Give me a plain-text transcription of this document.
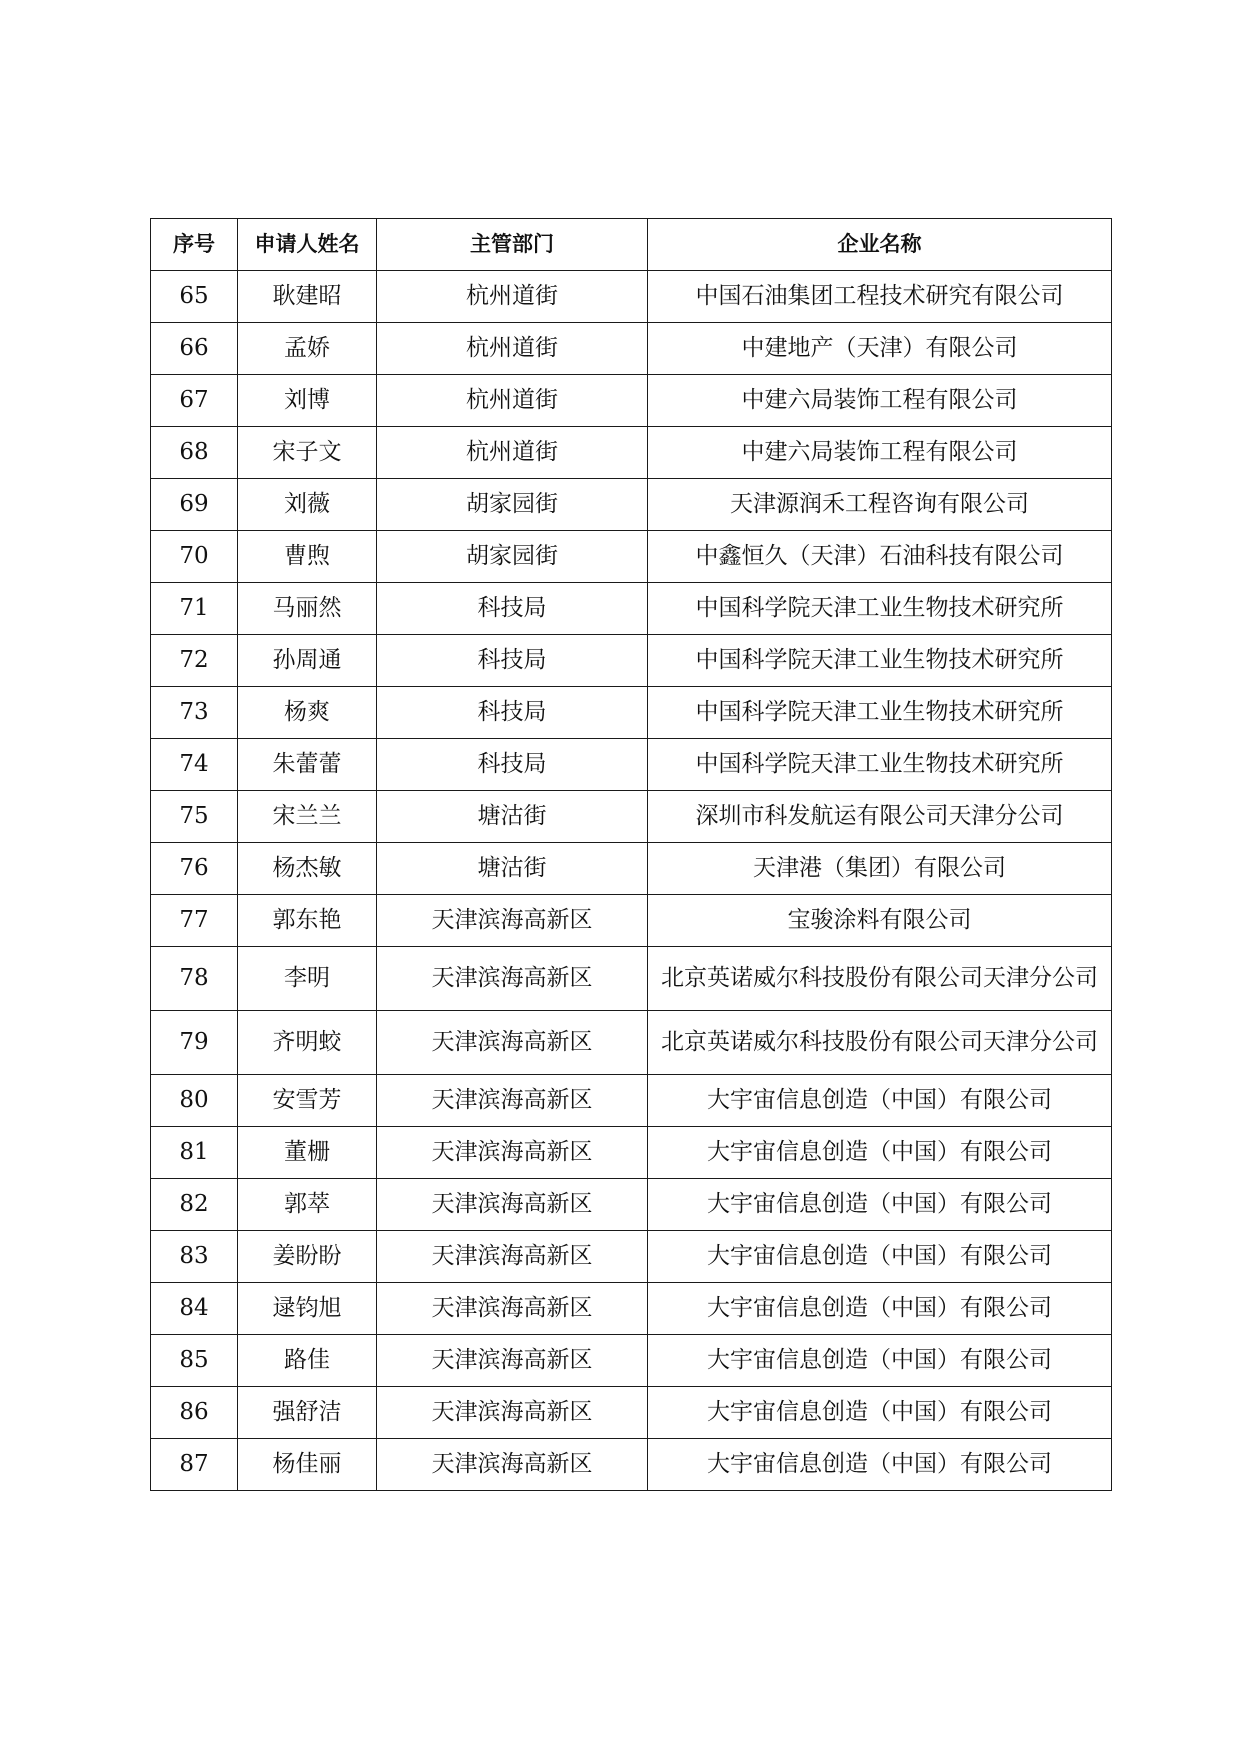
序号	申请人姓名	主管部门	企业名称
65	耿建昭	杭州道街	中国石油集团工程技术研究有限公司
66	孟娇	杭州道街	中建地产（天津）有限公司
67	刘博	杭州道街	中建六局装饰工程有限公司
68	宋子文	杭州道街	中建六局装饰工程有限公司
69	刘薇	胡家园街	天津源润禾工程咨询有限公司
70	曹煦	胡家园街	中鑫恒久（天津）石油科技有限公司
71	马丽然	科技局	中国科学院天津工业生物技术研究所
72	孙周通	科技局	中国科学院天津工业生物技术研究所
73	杨爽	科技局	中国科学院天津工业生物技术研究所
74	朱蕾蕾	科技局	中国科学院天津工业生物技术研究所
75	宋兰兰	塘沽街	深圳市科发航运有限公司天津分公司
76	杨杰敏	塘沽街	天津港（集团）有限公司
77	郭东艳	天津滨海高新区	宝骏涂料有限公司
78	李明	天津滨海高新区	北京英诺威尔科技股份有限公司天津分公司
79	齐明蛟	天津滨海高新区	北京英诺威尔科技股份有限公司天津分公司
80	安雪芳	天津滨海高新区	大宇宙信息创造（中国）有限公司
81	董栅	天津滨海高新区	大宇宙信息创造（中国）有限公司
82	郭萃	天津滨海高新区	大宇宙信息创造（中国）有限公司
83	姜盼盼	天津滨海高新区	大宇宙信息创造（中国）有限公司
84	逯钧旭	天津滨海高新区	大宇宙信息创造（中国）有限公司
85	路佳	天津滨海高新区	大宇宙信息创造（中国）有限公司
86	强舒洁	天津滨海高新区	大宇宙信息创造（中国）有限公司
87	杨佳丽	天津滨海高新区	大宇宙信息创造（中国）有限公司
